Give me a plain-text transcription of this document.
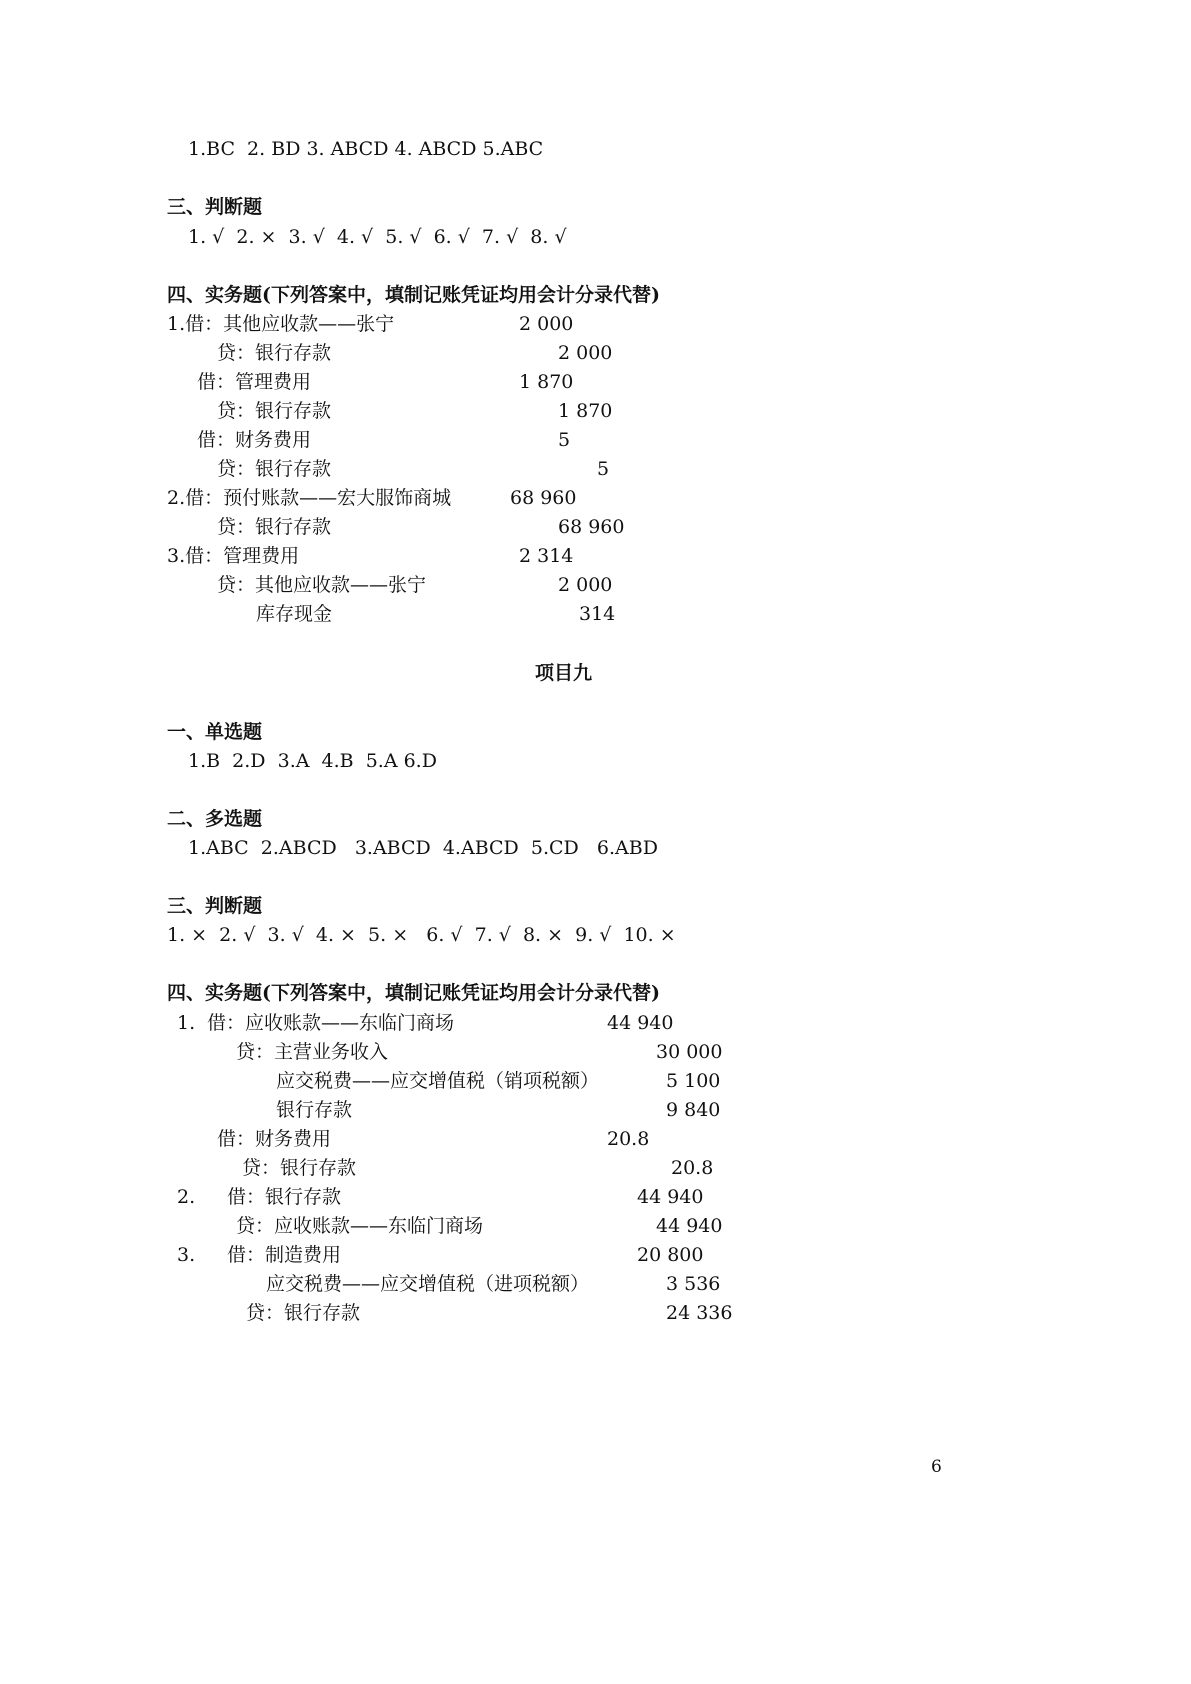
1.BC  2. BD 3. ABCD 4. ABCD 5.ABC
三、判断题
1. √  2. ×  3. √  4. √  5. √  6. √  7. √  8. √
四、实务题(下列答案中，填制记账凭证均用会计分录代替)
1.借：其他应收款——张宁	2 000
贷：银行存款	2 000
借：管理费用	1 870
贷：银行存款	1 870
借：财务费用	5
贷：银行存款	5
2.借：预付账款——宏大服饰商城	68 960
贷：银行存款	68 960
3.借：管理费用	2 314
贷：其他应收款——张宁	2 000
库存现金	314
项目九
一、单选题
1.B  2.D  3.A  4.B  5.A 6.D
二、多选题
1.ABC  2.ABCD   3.ABCD  4.ABCD  5.CD   6.ABD
三、判断题
1. ×  2. √  3. √  4. ×  5. ×   6. √  7. √  8. ×  9. √  10. ×
四、实务题(下列答案中，填制记账凭证均用会计分录代替)
1. 借：应收账款——东临门商场	44 940
贷：主营业务收入	30 000
应交税费——应交增值税（销项税额）	5 100
银行存款	9 840
借：财务费用	20.8
贷：银行存款	20.8
2. 借：银行存款	44 940
贷：应收账款——东临门商场	44 940
3. 借：制造费用	20 800
应交税费——应交增值税（进项税额）	3 536
贷：银行存款	24 336
6
